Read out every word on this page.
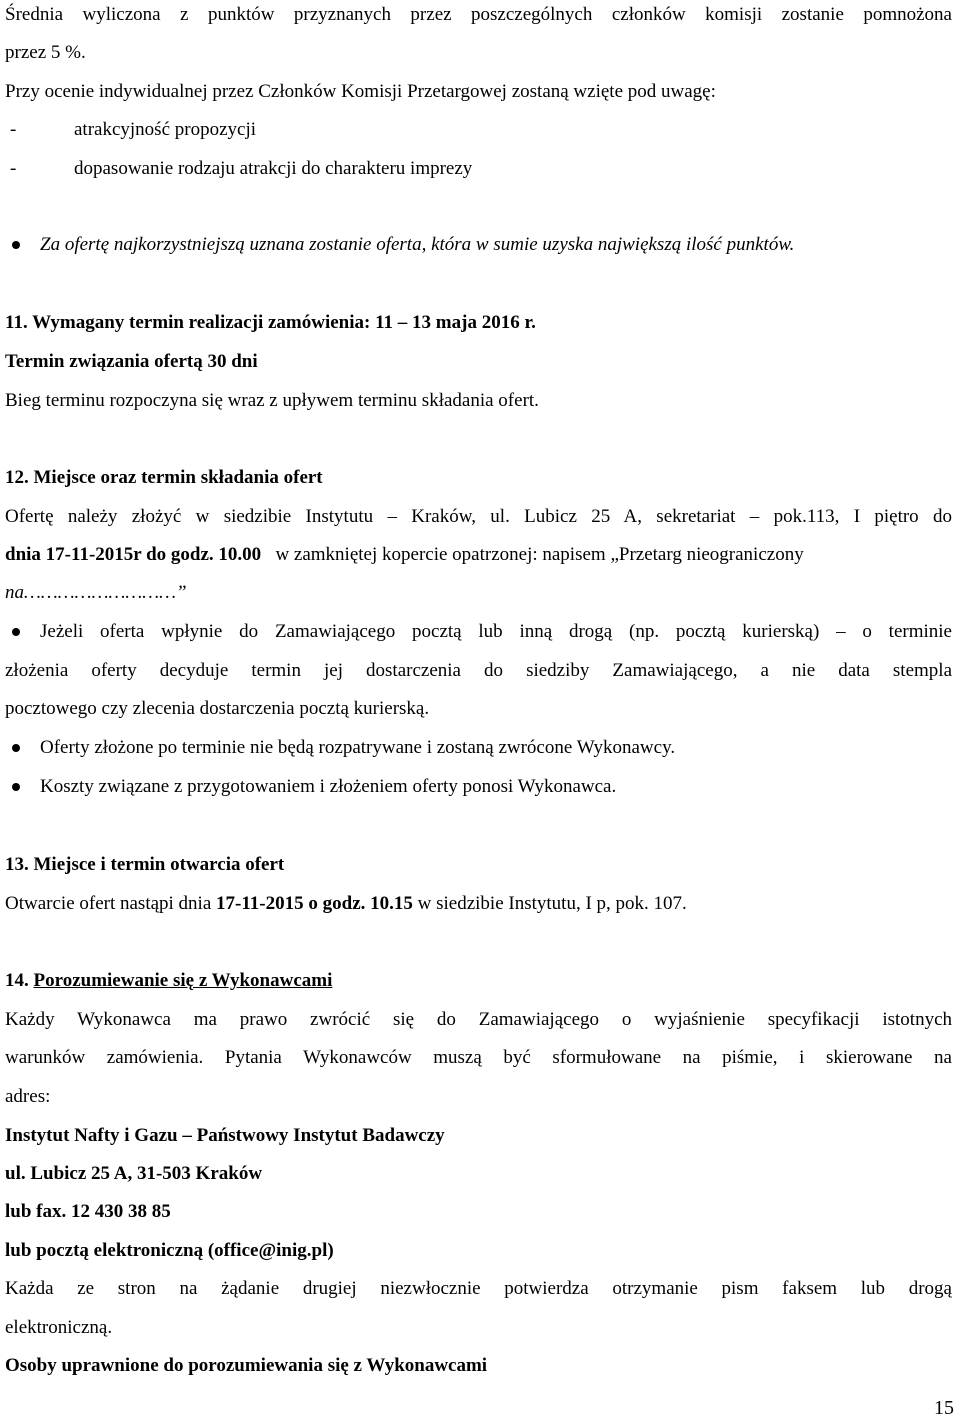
Średnia wyliczona z punktów przyznanych przez poszczególnych członków komisji zostanie pomnożona
przez 5 %.
Przy ocenie indywidualnej przez Członków Komisji Przetargowej zostaną wzięte pod uwagę:
-	atrakcyjność propozycji
-	dopasowanie rodzaju atrakcji do charakteru imprezy
Za ofertę najkorzystniejszą uznana zostanie oferta, która w sumie uzyska największą ilość punktów.
11. Wymagany termin realizacji zamówienia: 11 – 13 maja 2016 r.
Termin związania ofertą 30 dni
Bieg terminu rozpoczyna się wraz z upływem terminu składania ofert.
12. Miejsce oraz termin składania ofert
Ofertę należy złożyć w siedzibie Instytutu – Kraków, ul. Lubicz 25 A, sekretariat – pok.113, I piętro do
dnia 17-11-2015r do godz. 10.00 w zamkniętej kopercie opatrzonej: napisem „Przetarg nieograniczony
na………………………”
Jeżeli oferta wpłynie do Zamawiającego pocztą lub inną drogą (np. pocztą kurierską) – o terminie
złożenia oferty decyduje termin jej dostarczenia do siedziby Zamawiającego, a nie data stempla
pocztowego czy zlecenia dostarczenia pocztą kurierską.
Oferty złożone po terminie nie będą rozpatrywane i zostaną zwrócone Wykonawcy.
Koszty związane z przygotowaniem i złożeniem oferty ponosi Wykonawca.
13. Miejsce i termin otwarcia ofert
Otwarcie ofert nastąpi dnia 17-11-2015 o godz. 10.15 w siedzibie Instytutu, I p, pok. 107.
14. Porozumiewanie się z Wykonawcami
Każdy Wykonawca ma prawo zwrócić się do Zamawiającego o wyjaśnienie specyfikacji istotnych
warunków zamówienia. Pytania Wykonawców muszą być sformułowane na piśmie, i skierowane na
adres:
Instytut Nafty i Gazu – Państwowy Instytut Badawczy
ul. Lubicz 25 A, 31-503 Kraków
lub fax. 12 430 38 85
lub pocztą elektroniczną (office@inig.pl)
Każda ze stron na żądanie drugiej niezwłocznie potwierdza otrzymanie pism faksem lub drogą
elektroniczną.
Osoby uprawnione do porozumiewania się z Wykonawcami
15
